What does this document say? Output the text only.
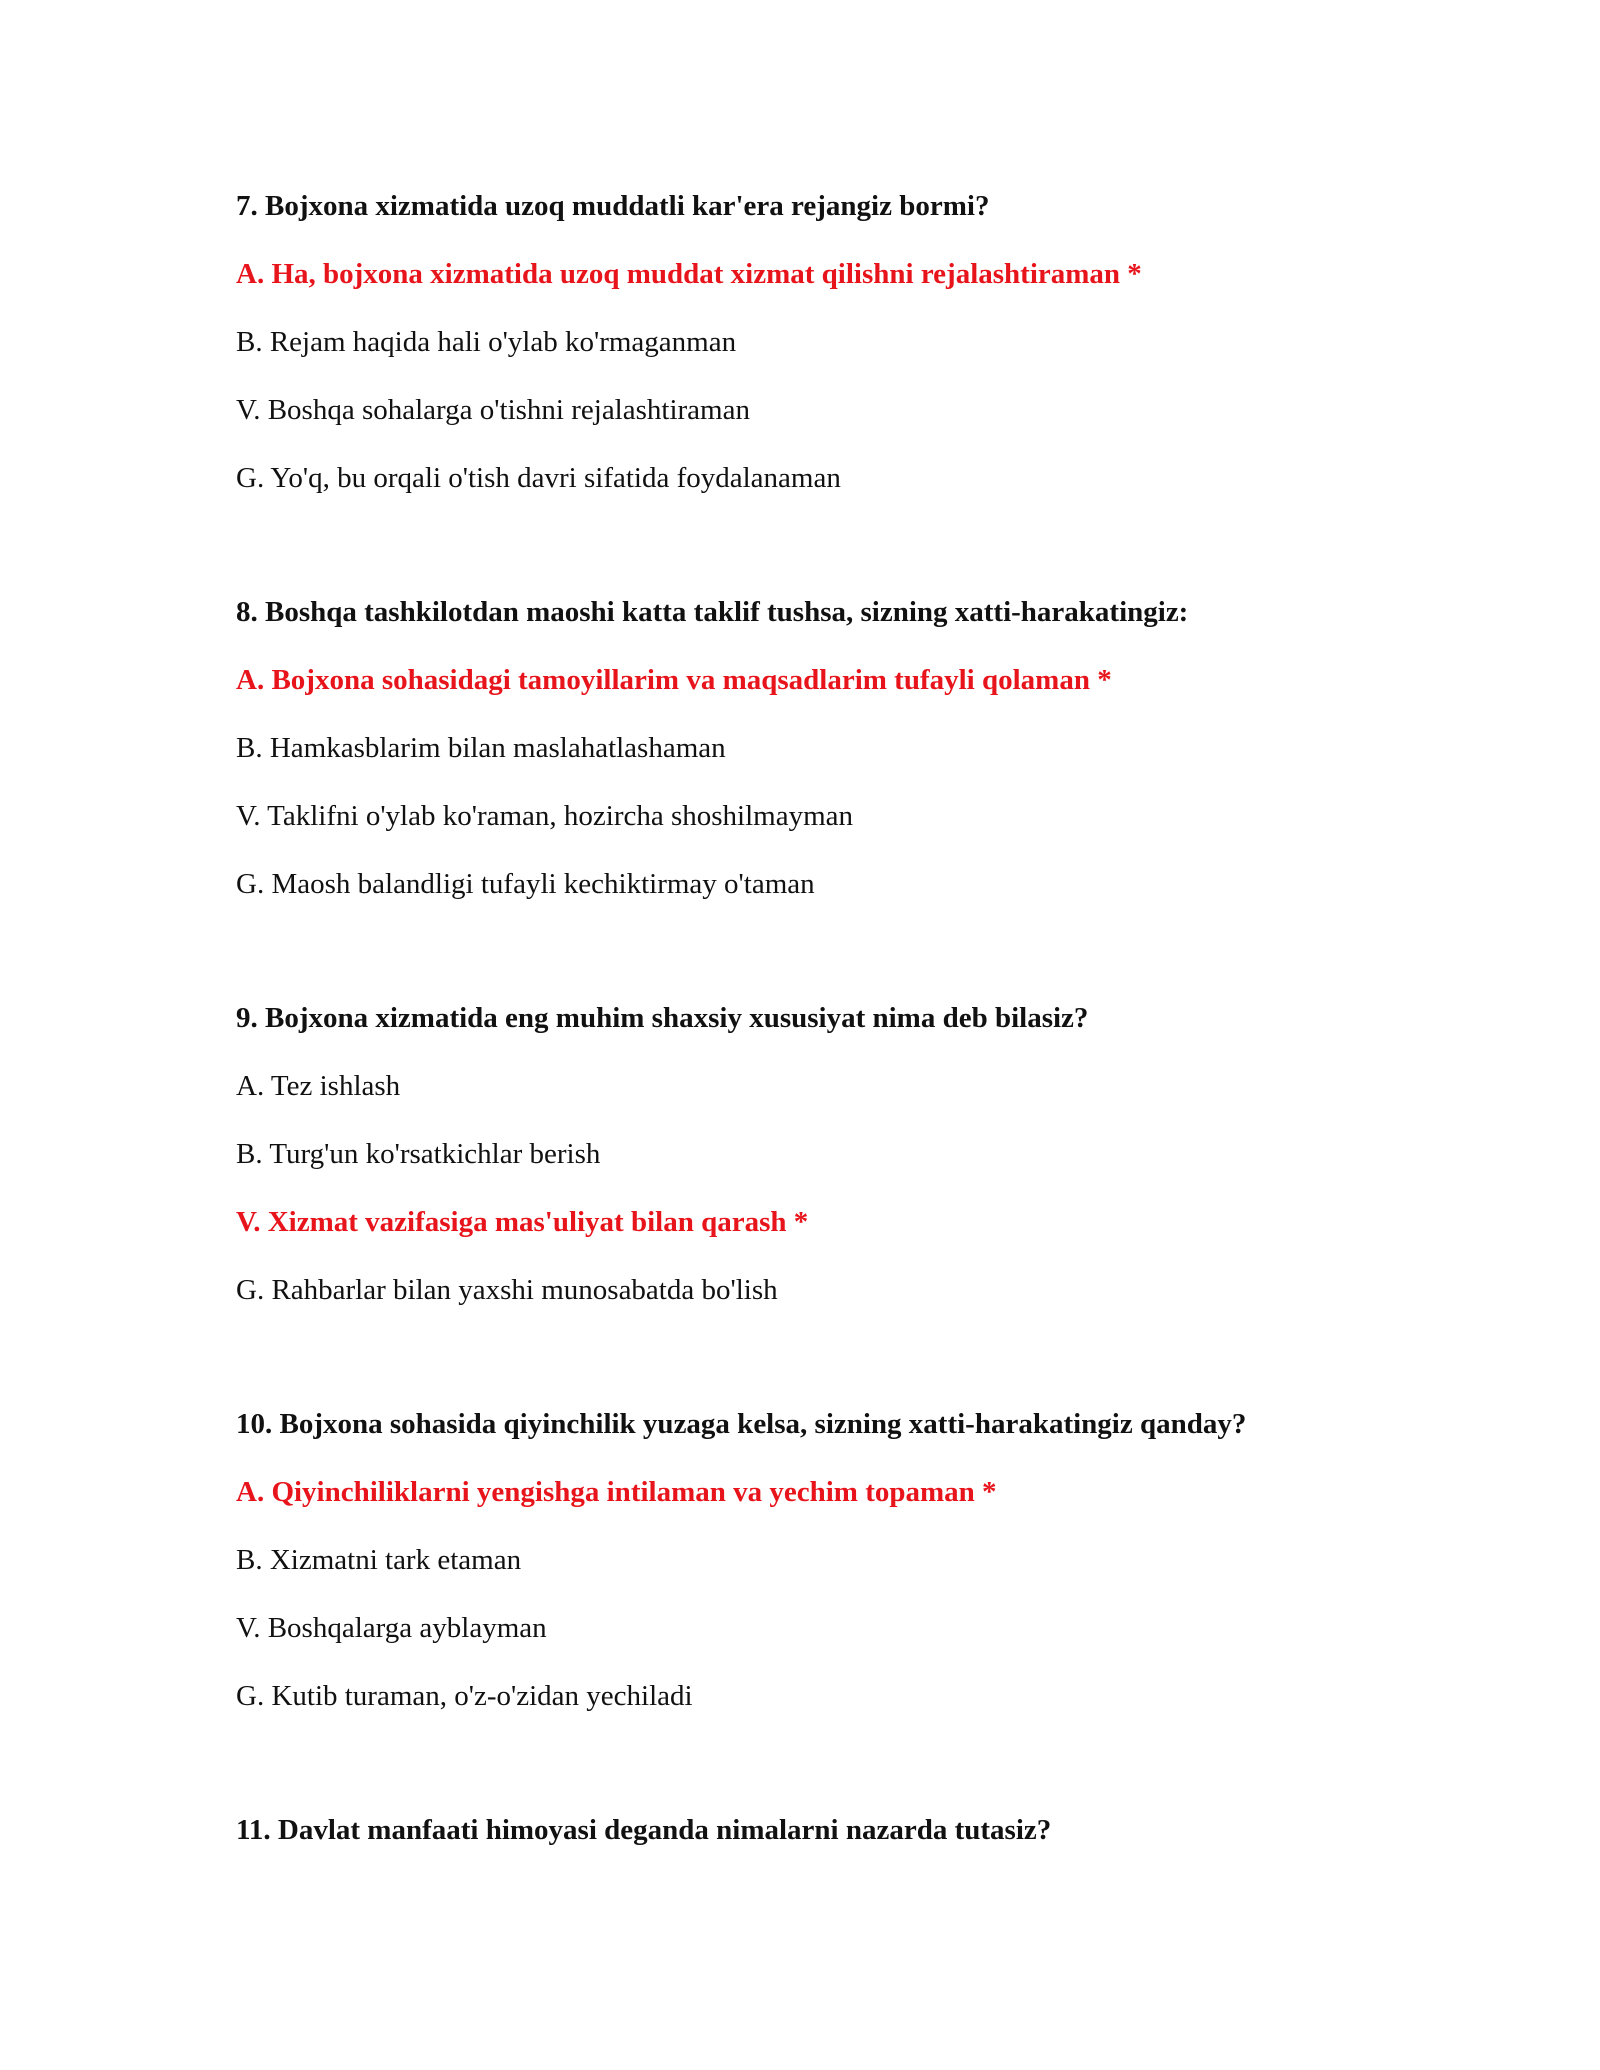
7. Bojxona xizmatida uzoq muddatli kar'era rejangiz bormi?

A. Ha, bojxona xizmatida uzoq muddat xizmat qilishni rejalashtiraman *

B. Rejam haqida hali o'ylab ko'rmaganman

V. Boshqa sohalarga o'tishni rejalashtiraman

G. Yo'q, bu orqali o'tish davri sifatida foydalanaman

8. Boshqa tashkilotdan maoshi katta taklif tushsa, sizning xatti-harakatingiz:

A. Bojxona sohasidagi tamoyillarim va maqsadlarim tufayli qolaman *

B. Hamkasblarim bilan maslahatlashaman

V. Taklifni o'ylab ko'raman, hozircha shoshilmayman

G. Maosh balandligi tufayli kechiktirmay o'taman

9. Bojxona xizmatida eng muhim shaxsiy xususiyat nima deb bilasiz?

A. Tez ishlash

B. Turg'un ko'rsatkichlar berish

V. Xizmat vazifasiga mas'uliyat bilan qarash *

G. Rahbarlar bilan yaxshi munosabatda bo'lish

10. Bojxona sohasida qiyinchilik yuzaga kelsa, sizning xatti-harakatingiz qanday?

A. Qiyinchiliklarni yengishga intilaman va yechim topaman *

B. Xizmatni tark etaman

V. Boshqalarga ayblayman

G. Kutib turaman, o'z-o'zidan yechiladi

11. Davlat manfaati himoyasi deganda nimalarni nazarda tutasiz?
